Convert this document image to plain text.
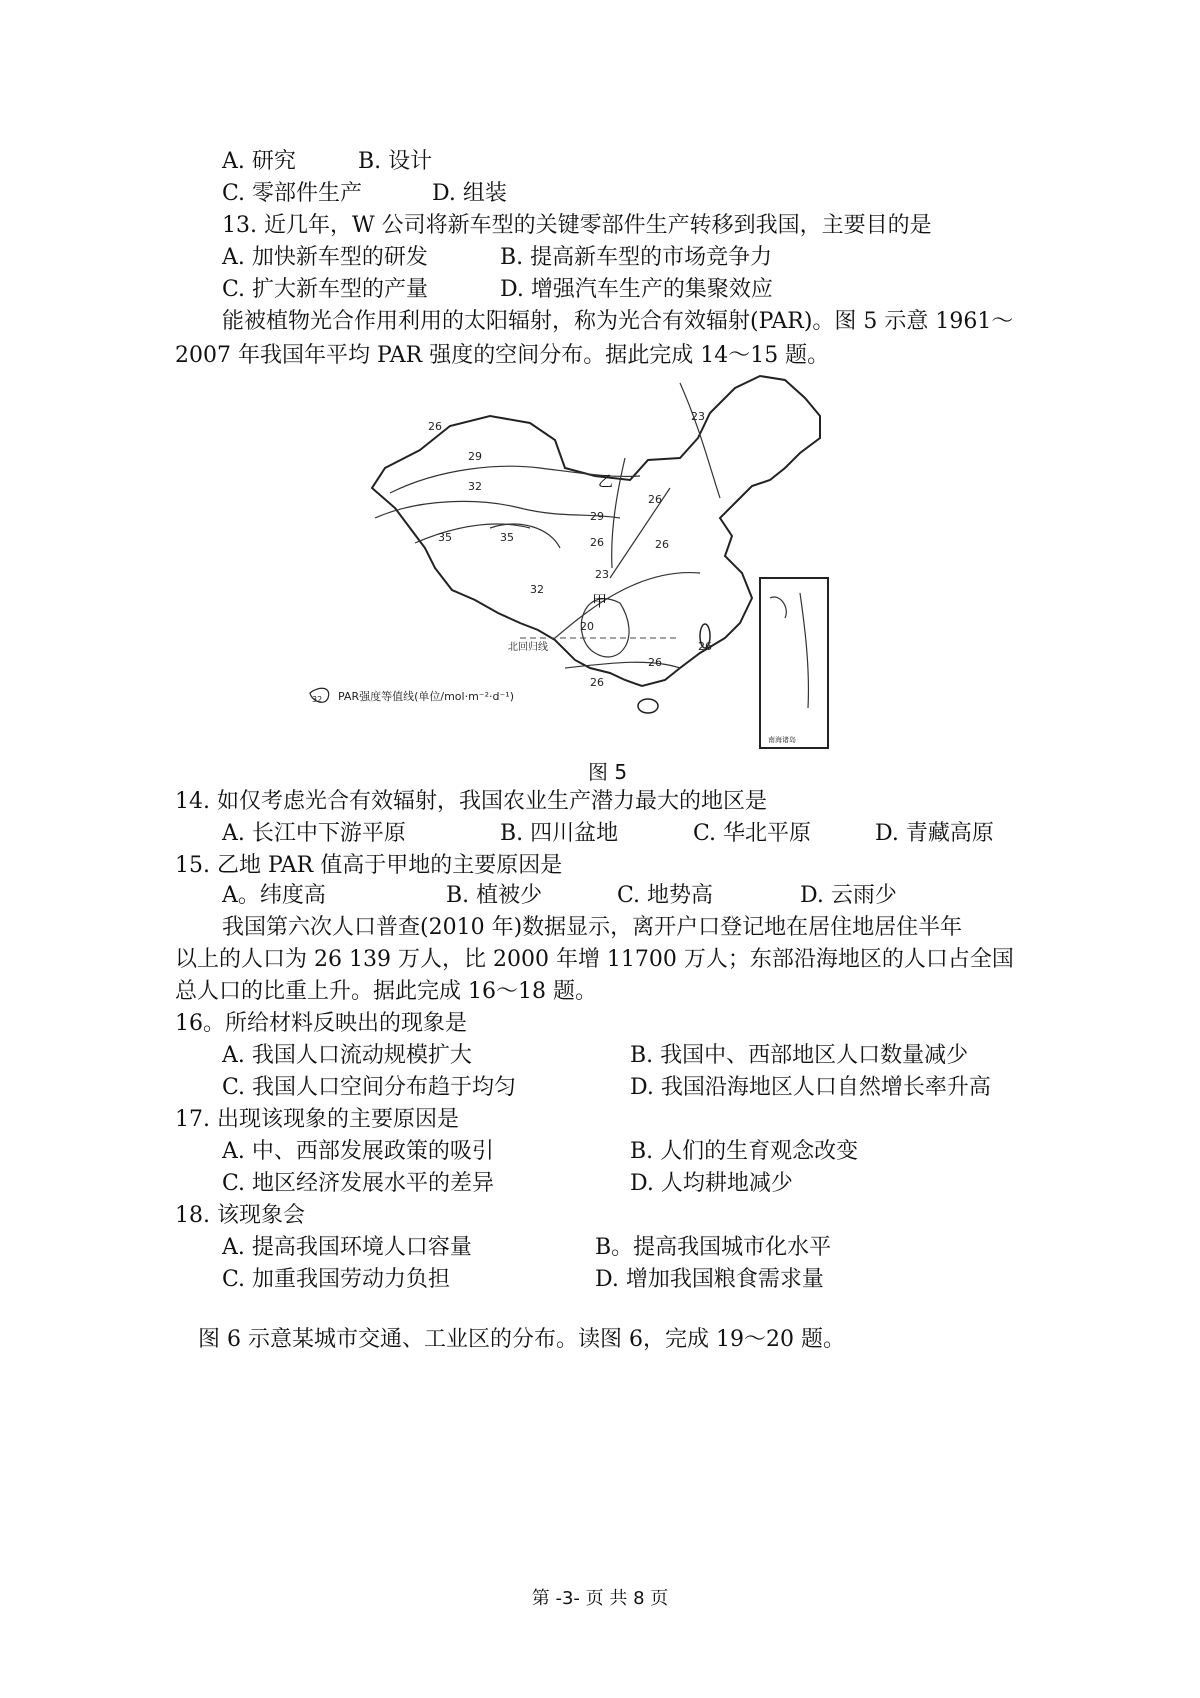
A. 研究	B. 设计
C. 零部件生产	D. 组装
13. 近几年，W 公司将新车型的关键零部件生产转移到我国，主要目的是
A. 加快新车型的研发	B. 提高新车型的市场竞争力
C. 扩大新车型的产量	D. 增强汽车生产的集聚效应
能被植物光合作用利用的太阳辐射，称为光合有效辐射(PAR)。图 5 示意 1961～
2007 年我国年平均 PAR 强度的空间分布。据此完成 14～15 题。
26
29
32
35	35
29
26
23
32
20
26
26
26
23
26
26
乙
甲
北回归线
南海诸岛
32 PAR强度等值线(单位/mol·m⁻²·d⁻¹)
图 5
14. 如仅考虑光合有效辐射，我国农业生产潜力最大的地区是
A. 长江中下游平原	B. 四川盆地	C. 华北平原	D. 青藏高原
15. 乙地 PAR 值高于甲地的主要原因是
A。纬度高	B. 植被少	C. 地势高	D. 云雨少
我国第六次人口普查(2010 年)数据显示，离开户口登记地在居住地居住半年
以上的人口为 26 139 万人，比 2000 年增 11700 万人；东部沿海地区的人口占全国
总人口的比重上升。据此完成 16～18 题。
16。所给材料反映出的现象是
A. 我国人口流动规模扩大	B. 我国中、西部地区人口数量减少
C. 我国人口空间分布趋于均匀	D. 我国沿海地区人口自然增长率升高
17. 出现该现象的主要原因是
A. 中、西部发展政策的吸引	B. 人们的生育观念改变
C. 地区经济发展水平的差异	D. 人均耕地减少
18. 该现象会
A. 提高我国环境人口容量	B。提高我国城市化水平
C. 加重我国劳动力负担	D. 增加我国粮食需求量
图 6 示意某城市交通、工业区的分布。读图 6，完成 19～20 题。
第 -3- 页 共 8 页
